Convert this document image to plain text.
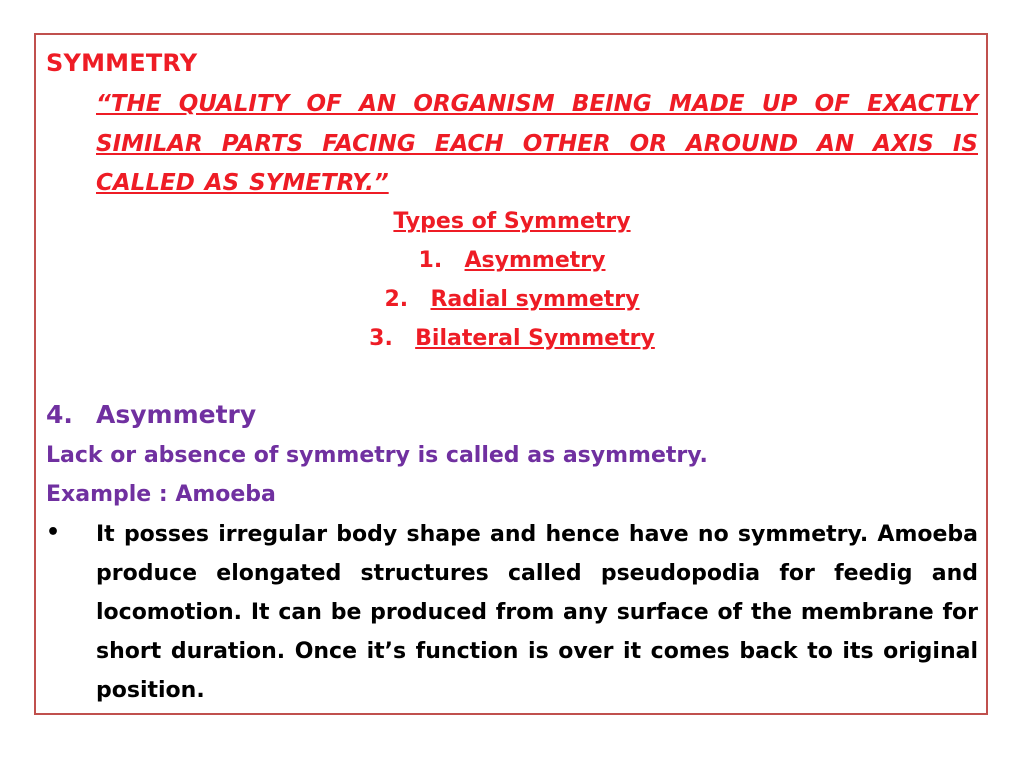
SYMMETRY
“THE QUALITY OF AN ORGANISM BEING MADE UP OF EXACTLY SIMILAR PARTS FACING EACH OTHER OR AROUND AN AXIS IS CALLED AS SYMETRY.”
Types of Symmetry
1. Asymmetry
2. Radial symmetry
3. Bilateral Symmetry
4. Asymmetry
Lack or absence of symmetry is called as asymmetry.
Example : Amoeba
• It posses irregular body shape and hence have no symmetry. Amoeba produce elongated structures called pseudopodia for feedig and locomotion. It can be produced from any surface of the membrane for short duration. Once it’s function is over it comes back to its original position.
